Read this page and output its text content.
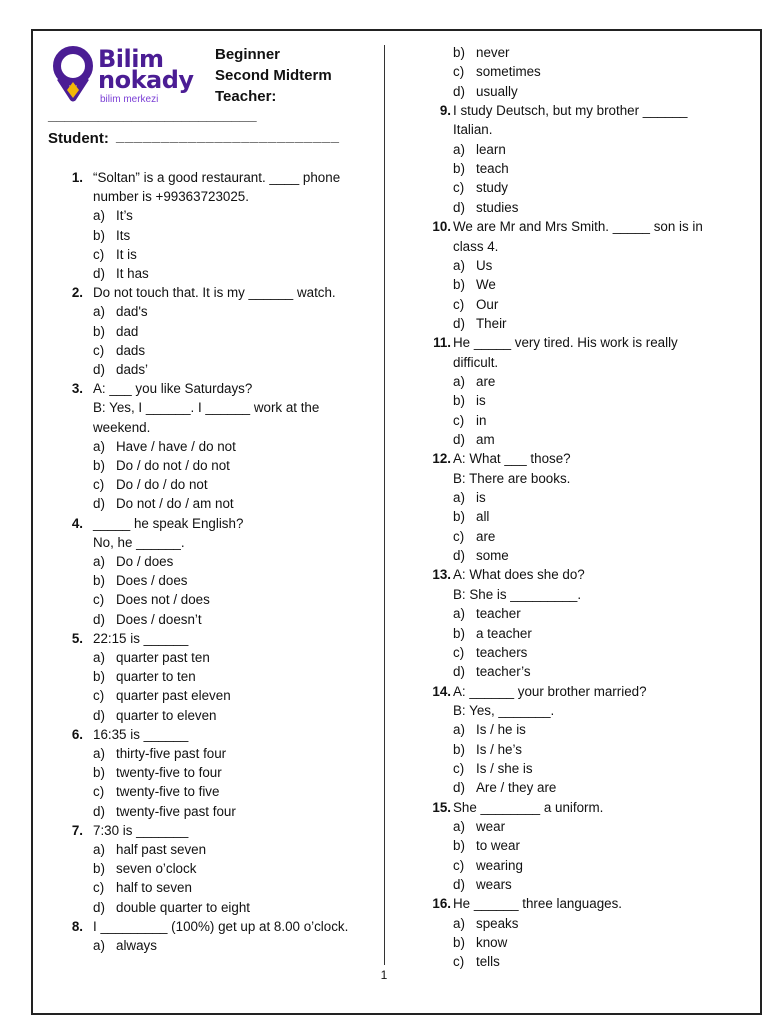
Bilim
nokady
bilim merkezi
Beginner
Second Midterm
Teacher:
_________________________
Student: _________________________
1. “Soltan” is a good restaurant. ____ phone
number is +99363723025.
a) It’s
b) Its
c) It is
d) It has
2. Do not touch that. It is my ______ watch.
a) dad's
b) dad
c) dads
d) dads’
3. A: ___ you like Saturdays?
B: Yes, I ______. I ______ work at the
weekend.
a) Have / have / do not
b) Do / do not / do not
c) Do / do / do not
d) Do not / do / am not
4. _____ he speak English?
No, he ______.
a) Do / does
b) Does / does
c) Does not / does
d) Does / doesn’t
5. 22:15 is ______
a) quarter past ten
b) quarter to ten
c) quarter past eleven
d) quarter to eleven
6. 16:35 is ______
a) thirty-five past four
b) twenty-five to four
c) twenty-five to five
d) twenty-five past four
7. 7:30 is _______
a) half past seven
b) seven o’clock
c) half to seven
d) double quarter to eight
8. I _________ (100%) get up at 8.00 o’clock.
a) always
b) never
c) sometimes
d) usually
9. I study Deutsch, but my brother ______
Italian.
a) learn
b) teach
c) study
d) studies
10. We are Mr and Mrs Smith. _____ son is in
class 4.
a) Us
b) We
c) Our
d) Their
11. He _____ very tired. His work is really
difficult.
a) are
b) is
c) in
d) am
12. A: What ___ those?
B: There are books.
a) is
b) all
c) are
d) some
13. A: What does she do?
B: She is _________.
a) teacher
b) a teacher
c) teachers
d) teacher’s
14. A: ______ your brother married?
B: Yes, _______.
a) Is / he is
b) Is / he’s
c) Is / she is
d) Are / they are
15. She ________ a uniform.
a) wear
b) to wear
c) wearing
d) wears
16. He ______ three languages.
a) speaks
b) know
c) tells
1
